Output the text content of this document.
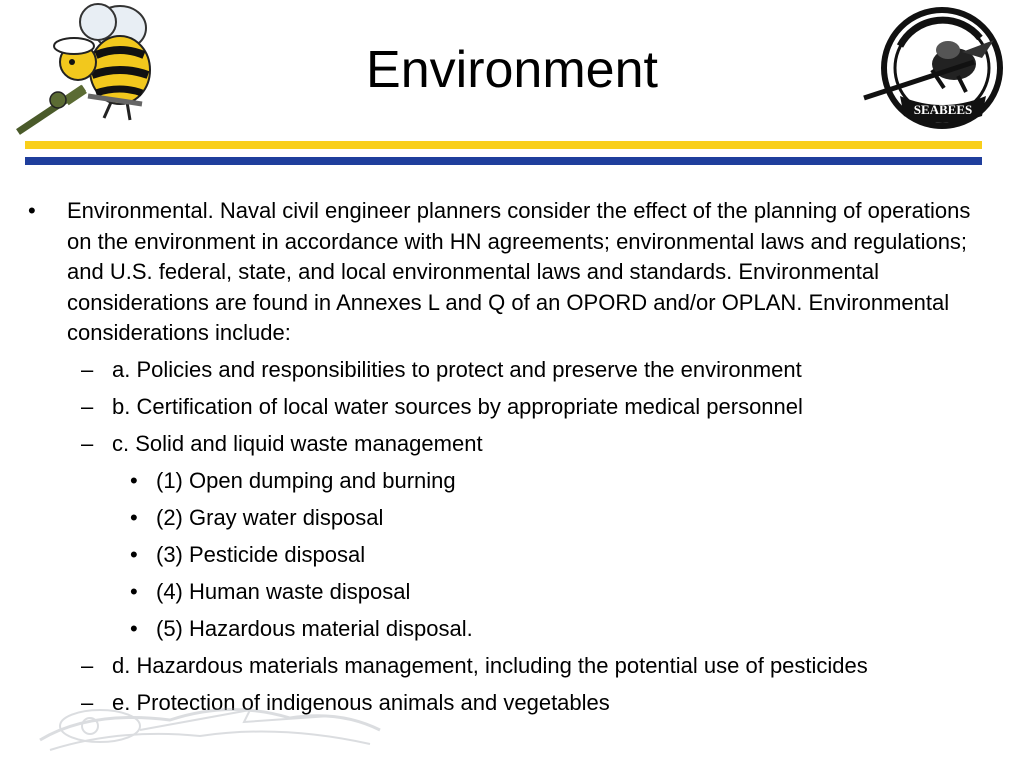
Environment
SEABEES
• Environmental. Naval civil engineer planners consider the effect of the planning of operations on the environment in accordance with HN agreements; environmental laws and regulations; and U.S. federal, state, and local environmental laws and standards. Environmental considerations are found in Annexes L and Q of an OPORD and/or OPLAN. Environmental considerations include:
– a. Policies and responsibilities to protect and preserve the environment
– b. Certification of local water sources by appropriate medical personnel
– c. Solid and liquid waste management
• (1) Open dumping and burning
• (2) Gray water disposal
• (3) Pesticide disposal
• (4) Human waste disposal
• (5) Hazardous material disposal.
– d. Hazardous materials management, including the potential use of pesticides
– e. Protection of indigenous animals and vegetables
